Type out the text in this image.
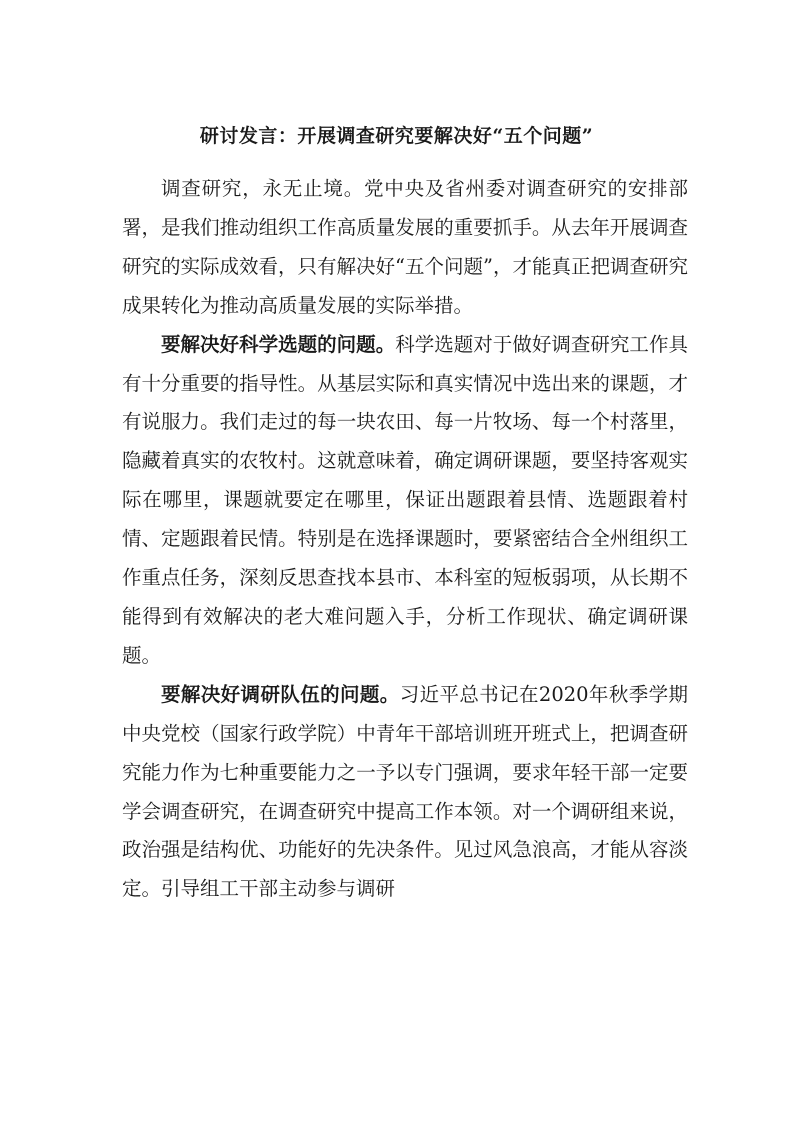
研讨发言：开展调查研究要解决好“五个问题”

调查研究，永无止境。党中央及省州委对调查研究的安排部署，是我们推动组织工作高质量发展的重要抓手。从去年开展调查研究的实际成效看，只有解决好“五个问题”，才能真正把调查研究成果转化为推动高质量发展的实际举措。

要解决好科学选题的问题。科学选题对于做好调查研究工作具有十分重要的指导性。从基层实际和真实情况中选出来的课题，才有说服力。我们走过的每一块农田、每一片牧场、每一个村落里，隐藏着真实的农牧村。这就意味着，确定调研课题，要坚持客观实际在哪里，课题就要定在哪里，保证出题跟着县情、选题跟着村情、定题跟着民情。特别是在选择课题时，要紧密结合全州组织工作重点任务，深刻反思查找本县市、本科室的短板弱项，从长期不能得到有效解决的老大难问题入手，分析工作现状、确定调研课题。

要解决好调研队伍的问题。习近平总书记在2020年秋季学期中央党校（国家行政学院）中青年干部培训班开班式上，把调查研究能力作为七种重要能力之一予以专门强调，要求年轻干部一定要学会调查研究，在调查研究中提高工作本领。对一个调研组来说，政治强是结构优、功能好的先决条件。见过风急浪高，才能从容淡定。引导组工干部主动参与调研
